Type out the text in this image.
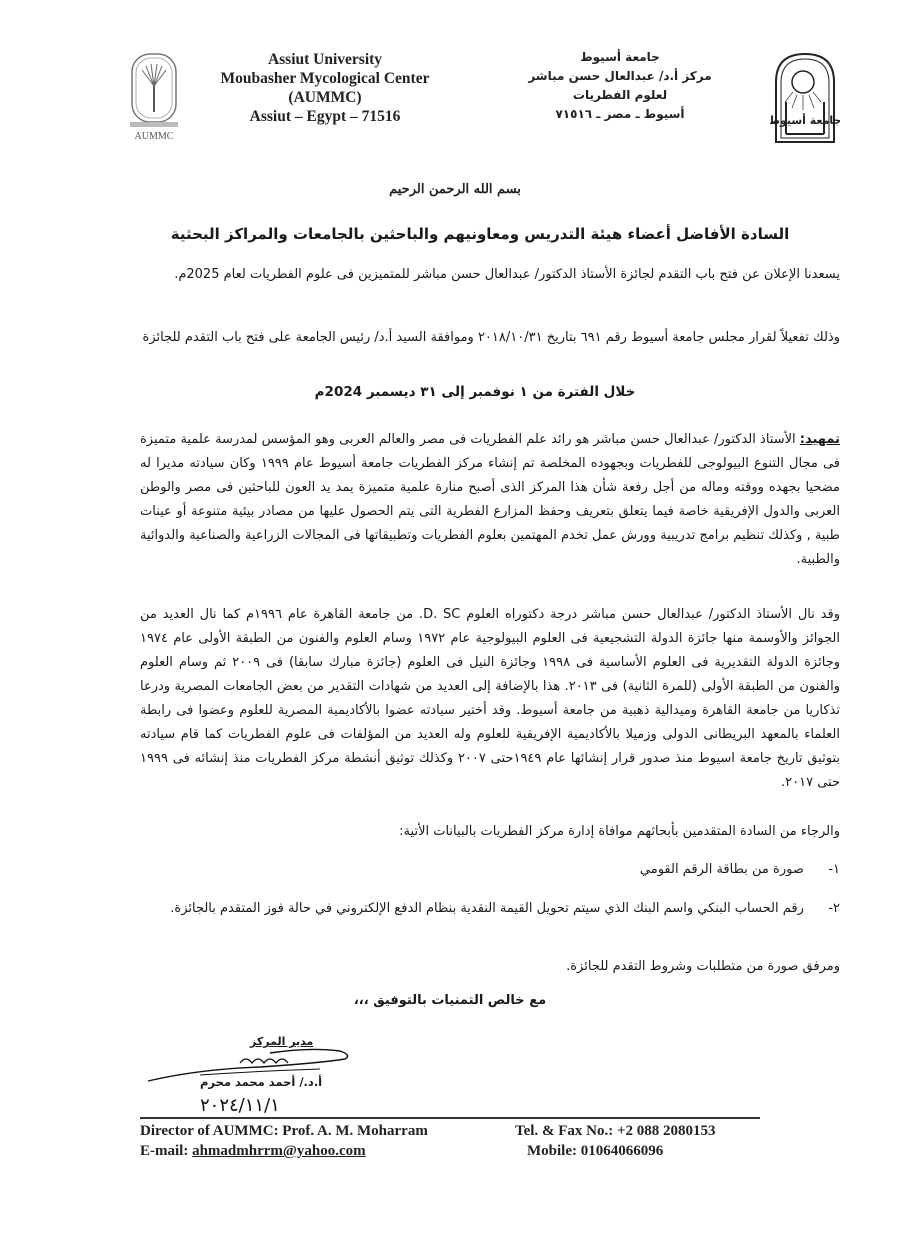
AUMMC
Assiut University
Moubasher Mycological Center
(AUMMC)
Assiut – Egypt – 71516
جامعة أسيوط
مركز أ.د/ عبدالعال حسن مباشر
لعلوم الفطريات
أسيوط ـ مصر ـ ٧١٥١٦	جامعة أسيوط
بسم الله الرحمن الرحيم
السادة الأفاضل أعضاء هيئة التدريس ومعاونيهم والباحثين بالجامعات والمراكز البحثية
يسعدنا الإعلان عن فتح باب التقدم لجائزة الأستاذ الدكتور/ عبدالعال حسن مباشر للمتميزين فى علوم الفطريات لعام 2025م.
وذلك تفعيلاً لقرار مجلس جامعة أسيوط رقم ٦٩١ بتاريخ ٢٠١٨/١٠/٣١ وموافقة السيد أ.د/ رئيس الجامعة على فتح باب التقدم للجائزة
خلال الفترة من ١ نوفمبر إلى ٣١ ديسمبر 2024م
تمهيد: الأستاذ الدكتور/ عبدالعال حسن مباشر هو رائد علم الفطريات فى مصر والعالم العربى وهو المؤسس لمدرسة علمية متميزة فى مجال التنوع البيولوجى للفطريات وبجهوده المخلصة تم إنشاء مركز الفطريات جامعة أسيوط عام ١٩٩٩ وكان سيادته مديرا له مضحيا بجهده ووقته وماله من أجل رفعة شأن هذا المركز الذى أصبح منارة علمية متميزة يمد يد العون للباحثين فى مصر والوطن العربى والدول الإفريقية خاصة فيما يتعلق بتعريف وحفظ المزارع الفطرية التى يتم الحصول عليها من مصادر بيئية متنوعة أو عينات طبية , وكذلك تنظيم برامج تدريبية وورش عمل تخدم المهتمين بعلوم الفطريات وتطبيقاتها فى المجالات الزراعية والصناعية والدوائية والطبية.
وقد نال الأستاذ الدكتور/ عبدالعال حسن مباشر درجة دكتوراه العلوم D. SC. من جامعة القاهرة عام ١٩٩٦م كما نال العديد من الجوائز والأوسمة منها جائزة الدولة التشجيعية فى العلوم البيولوجية عام ١٩٧٢ وسام العلوم والفنون من الطبقة الأولى عام ١٩٧٤ وجائزة الدولة التقديرية فى العلوم الأساسية فى ١٩٩٨ وجائزة النيل فى العلوم (جائزة مبارك سابقا) فى ٢٠٠٩ ثم وسام العلوم والفنون من الطبقة الأولى (للمرة الثانية) فى ٢٠١٣. هذا بالإضافة إلى العديد من شهادات التقدير من بعض الجامعات المصرية ودرعا تذكاريا من جامعة القاهرة وميدالية ذهبية من جامعة أسيوط. وقد أختير سيادته عضوا بالأكاديمية المصرية للعلوم وعضوا فى رابطة العلماء بالمعهد البريطانى الدولى وزميلا بالأكاديمية الإفريقية للعلوم وله العديد من المؤلفات فى علوم الفطريات كما قام سيادته بتوثيق تاريخ جامعة اسيوط منذ صدور قرار إنشائها عام ١٩٤٩حتى ٢٠٠٧ وكذلك توثيق أنشطة مركز الفطريات منذ إنشائه فى ١٩٩٩ حتى ٢٠١٧.
والرجاء من السادة المتقدمين بأبحاثهم موافاة إدارة مركز الفطريات بالبيانات الأتية:
١- صورة من بطاقة الرقم القومي
٢- رقم الحساب البنكي واسم البنك الذي سيتم تحويل القيمة النقدية بنظام الدفع الإلكتروني في حالة فوز المتقدم بالجائزة.
ومرفق صورة من متطلبات وشروط التقدم للجائزة.
مع خالص التمنيات بالتوفيق ،،،
مدير المركز
أ.د./ أحمد محمد محرم
٢٠٢٤/١١/١
Director of AUMMC: Prof. A. M. Moharram
E-mail: ahmadmhrrm@yahoo.com
Tel. & Fax No.: +2 088 2080153
Mobile: 01064066096
